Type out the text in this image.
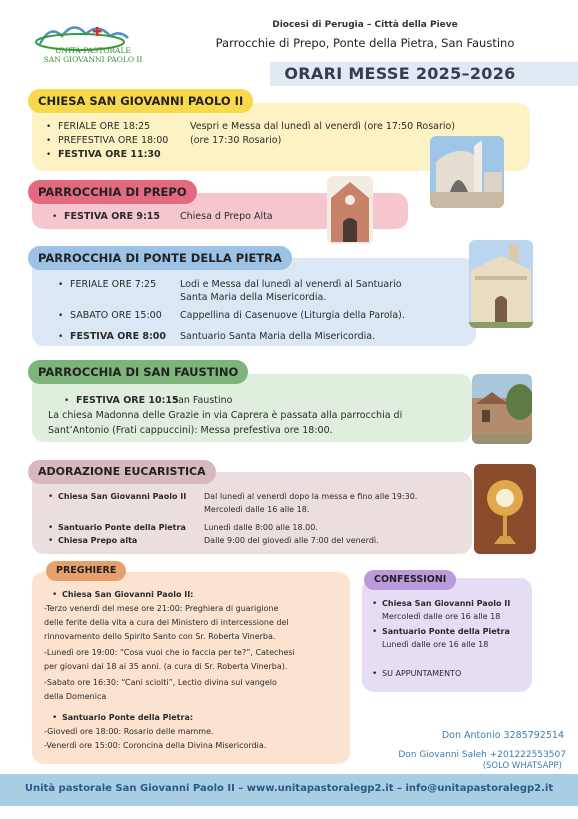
UNITÀ PASTORALE
SAN GIOVANNI PAOLO II
Diocesi di Perugia – Città della Pieve
Parrocchie di Prepo, Ponte della Pietra, San Faustino
ORARI MESSE 2025–2026
CHIESA SAN GIOVANNI PAOLO II
• FERIALE ORE 18:25	Vespri e Messa dal lunedì al venerdì (ore 17:50 Rosario)
• PREFESTIVA ORE 18:00 (ore 17:30 Rosario)
• FESTIVA ORE 11:30
PARROCCHIA DI PREPO
• FESTIVA ORE 9:15 Chiesa d Prepo Alta
PARROCCHIA DI PONTE DELLA PIETRA
• FERIALE ORE 7:25	Lodi e Messa dal lunedì al venerdì al Santuario
Santa Maria della Misericordia.
• SABATO ORE 15:00 Cappellina di Casenuove (Liturgia della Parola).
• FESTIVA ORE 8:00 Santuario Santa Maria della Misericordia.
PARROCCHIA DI SAN FAUSTINO
• FESTIVA ORE 10:15
San Faustino
La chiesa Madonna delle Grazie in via Caprera è passata alla parrocchia di
Sant’Antonio (Frati cappuccini): Messa prefestiva ore 18:00.
ADORAZIONE EUCARISTICA
• Chiesa San Giovanni Paolo II Dal lunedì al venerdì dopo la messa e fino alle 19:30.
Mercoledì dalle 16 alle 18.
• Santuario Ponte della Pietra Lunedì dalle 8:00 alle 18.00.
• Chiesa Prepo alta	Dalle 9:00 del giovedì alle 7:00 del venerdì.
PREGHIERE
• Chiesa San Giovanni Paolo II:
-Terzo venerdì del mese ore 21:00: Preghiera di guarigione
delle ferite della vita a cura del Ministero di intercessione del
rinnovamento dello Spirito Santo con Sr. Roberta Vinerba.
-Lunedì ore 19:00: “Cosa vuoi che io faccia per te?”, Catechesi
per giovani dai 18 ai 35 anni. (a cura di Sr. Roberta Vinerba).
-Sabato ore 16:30: “Cani sciolti”, Lectio divina sul vangelo
della Domenica
• Santuario Ponte della Pietra:
-Giovedì ore 18:00: Rosario delle mamme.
-Venerdì ore 15:00: Coroncina della Divina Misericordia.
CONFESSIONI
• Chiesa San Giovanni Paolo II
Mercoledì dalle ore 16 alle 18
• Santuario Ponte della Pietra
Lunedì dalle ore 16 alle 18
• SU APPUNTAMENTO
Don Antonio 3285792514
Don Giovanni Saleh +201222553507
(SOLO WHATSAPP)
Unità pastorale San Giovanni Paolo II – www.unitapastoralegp2.it – info@unitapastoralegp2.it
